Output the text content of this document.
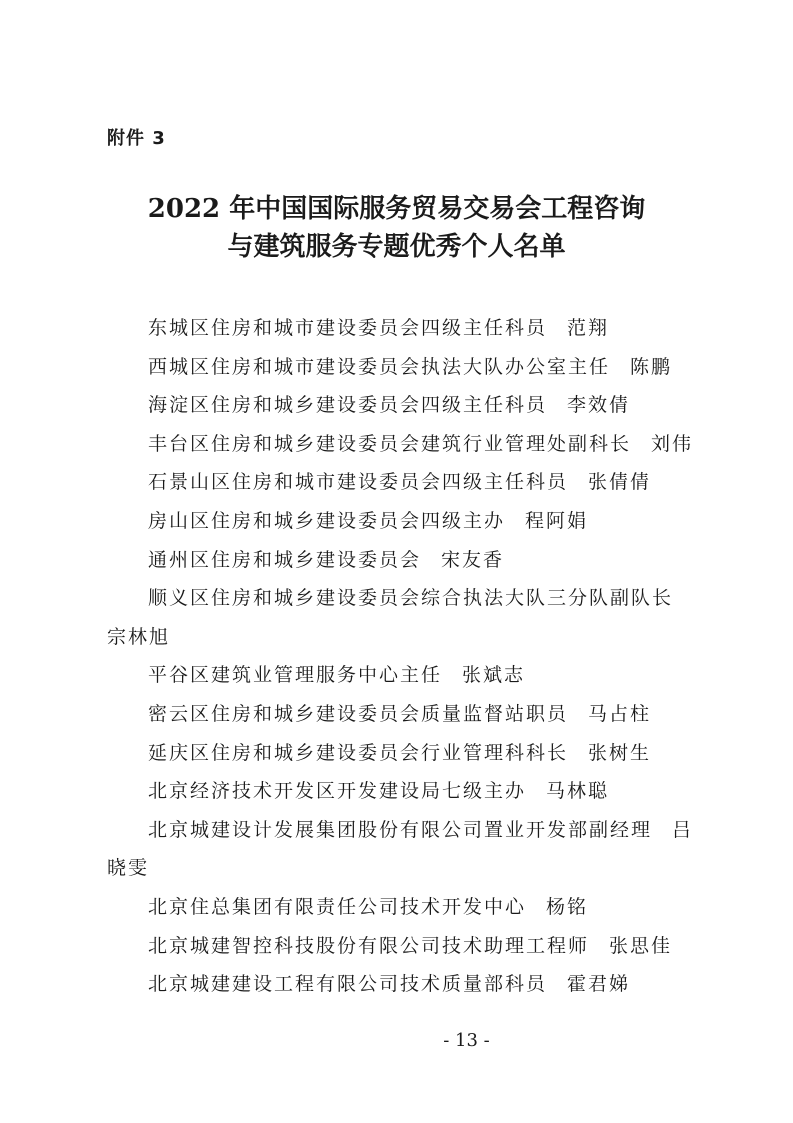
附件 3
2022 年中国国际服务贸易交易会工程咨询
与建筑服务专题优秀个人名单
东城区住房和城市建设委员会四级主任科员 范翔
西城区住房和城市建设委员会执法大队办公室主任 陈鹏
海淀区住房和城乡建设委员会四级主任科员 李效倩
丰台区住房和城乡建设委员会建筑行业管理处副科长 刘伟
石景山区住房和城市建设委员会四级主任科员 张倩倩
房山区住房和城乡建设委员会四级主办 程阿娟
通州区住房和城乡建设委员会 宋友香
顺义区住房和城乡建设委员会综合执法大队三分队副队长宗林旭
平谷区建筑业管理服务中心主任 张斌志
密云区住房和城乡建设委员会质量监督站职员 马占柱
延庆区住房和城乡建设委员会行业管理科科长 张树生
北京经济技术开发区开发建设局七级主办 马林聪
北京城建设计发展集团股份有限公司置业开发部副经理 吕晓雯
北京住总集团有限责任公司技术开发中心 杨铭
北京城建智控科技股份有限公司技术助理工程师 张思佳
北京城建建设工程有限公司技术质量部科员 霍君娣
- 13 -
